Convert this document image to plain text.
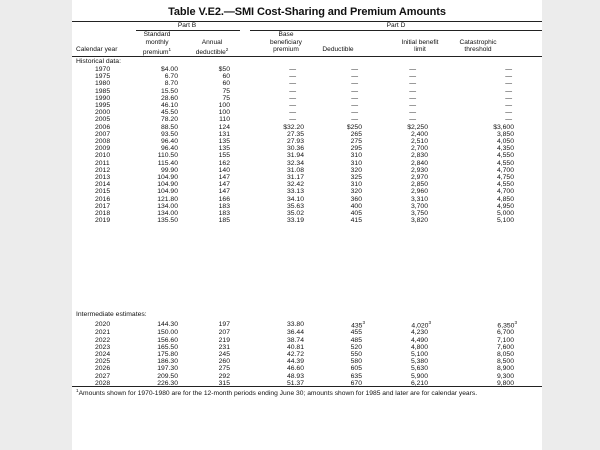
Table V.E2.—SMI Cost-Sharing and Premium Amounts
Part B	Part D
Standard
monthly
premium$^1$
Annual
deductible$^2$
Base
beneficiary
premium	Deductible
Initial benefit
limit
Catastrophic
threshold
Calendar year
Historical data:
1970	$4.00	$50	—	—	—	—
1975	6.70	60	—	—	—	—
1980	8.70	60	—	—	—	—
1985	15.50	75	—	—	—	—
1990	28.60	75	—	—	—	—
1995	46.10	100	—	—	—	—
2000	45.50	100	—	—	—	—
2005	78.20	110	—	—	—	—
2006	88.50	124	$32.20	$250	$2,250	$3,600
2007	93.50	131	27.35	265	2,400	3,850
2008	96.40	135	27.93	275	2,510	4,050
2009	96.40	135	30.36	295	2,700	4,350
2010	110.50	155	31.94	310	2,830	4,550
2011	115.40	162	32.34	310	2,840	4,550
2012	99.90	140	31.08	320	2,930	4,700
2013	104.90	147	31.17	325	2,970	4,750
2014	104.90	147	32.42	310	2,850	4,550
2015	104.90	147	33.13	320	2,960	4,700
2016	121.80	166	34.10	360	3,310	4,850
2017	134.00	183	35.63	400	3,700	4,950
2018	134.00	183	35.02	405	3,750	5,000
2019	135.50	185	33.19	415	3,820	5,100
Intermediate estimates:
2020	144.30	197	33.80	$435^3$	4,020$^3$	6,350$^3$
2021	150.00	207	36.44	455	4,230	6,700
2022	156.60	219	38.74	485	4,490	7,100
2023	165.50	231	40.81	520	4,800	7,600
2024	175.80	245	42.72	550	5,100	8,050
2025	186.30	260	44.39	580	5,380	8,500
2026	197.30	275	46.60	605	5,630	8,900
2027	209.50	292	48.93	635	5,900	9,300
2028	226.30	315	51.37	670	6,210	9,800
$^1$Amounts shown for 1970-1980 are for the 12-month periods ending June 30; amounts shown for 1985 and later are for calendar years.
